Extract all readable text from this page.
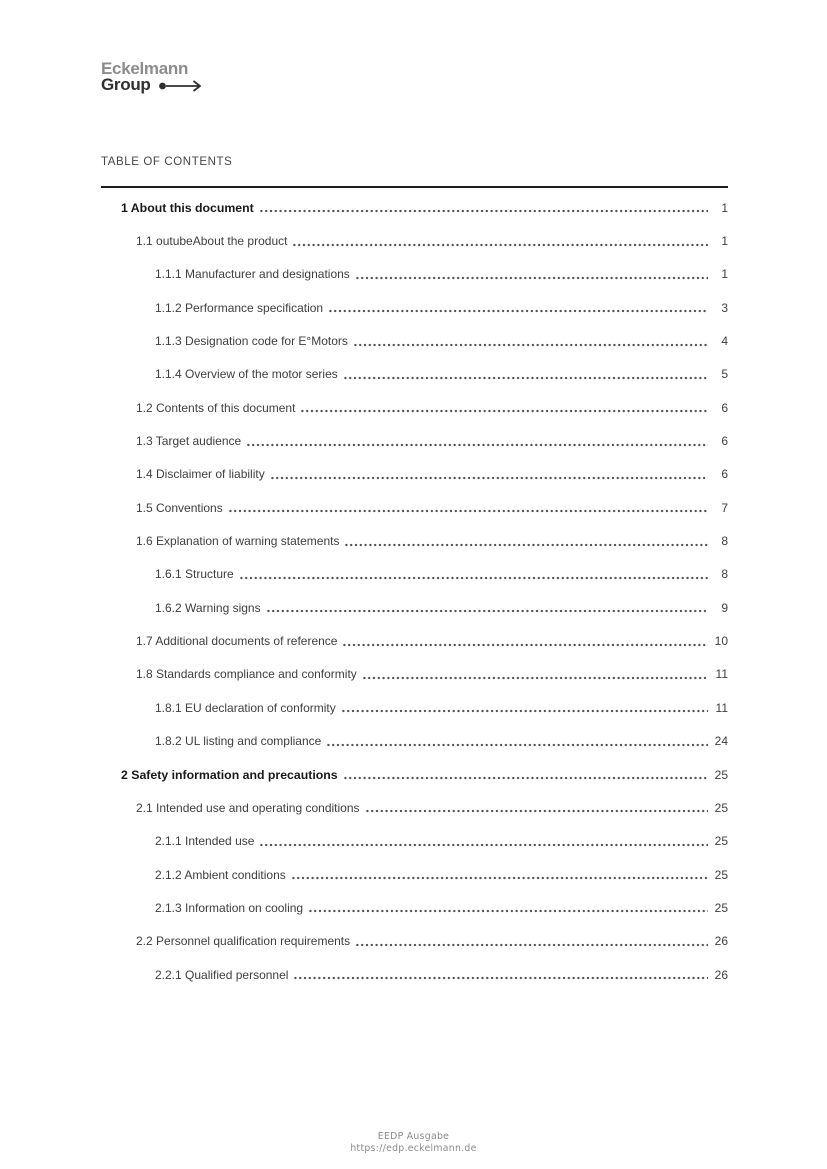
Eckelmann
Group
TABLE OF CONTENTS
1 About this document	1
1.1 outubeAbout the product	1
1.1.1 Manufacturer and designations	1
1.1.2 Performance specification	3
1.1.3 Designation code for E°Motors	4
1.1.4 Overview of the motor series	5
1.2 Contents of this document	6
1.3 Target audience	6
1.4 Disclaimer of liability	6
1.5 Conventions	7
1.6 Explanation of warning statements	8
1.6.1 Structure	8
1.6.2 Warning signs	9
1.7 Additional documents of reference	10
1.8 Standards compliance and conformity	11
1.8.1 EU declaration of conformity	11
1.8.2 UL listing and compliance	24
2 Safety information and precautions	25
2.1 Intended use and operating conditions	25
2.1.1 Intended use	25
2.1.2 Ambient conditions	25
2.1.3 Information on cooling	25
2.2 Personnel qualification requirements	26
2.2.1 Qualified personnel	26
EEDP Ausgabe
https://edp.eckelmann.de
